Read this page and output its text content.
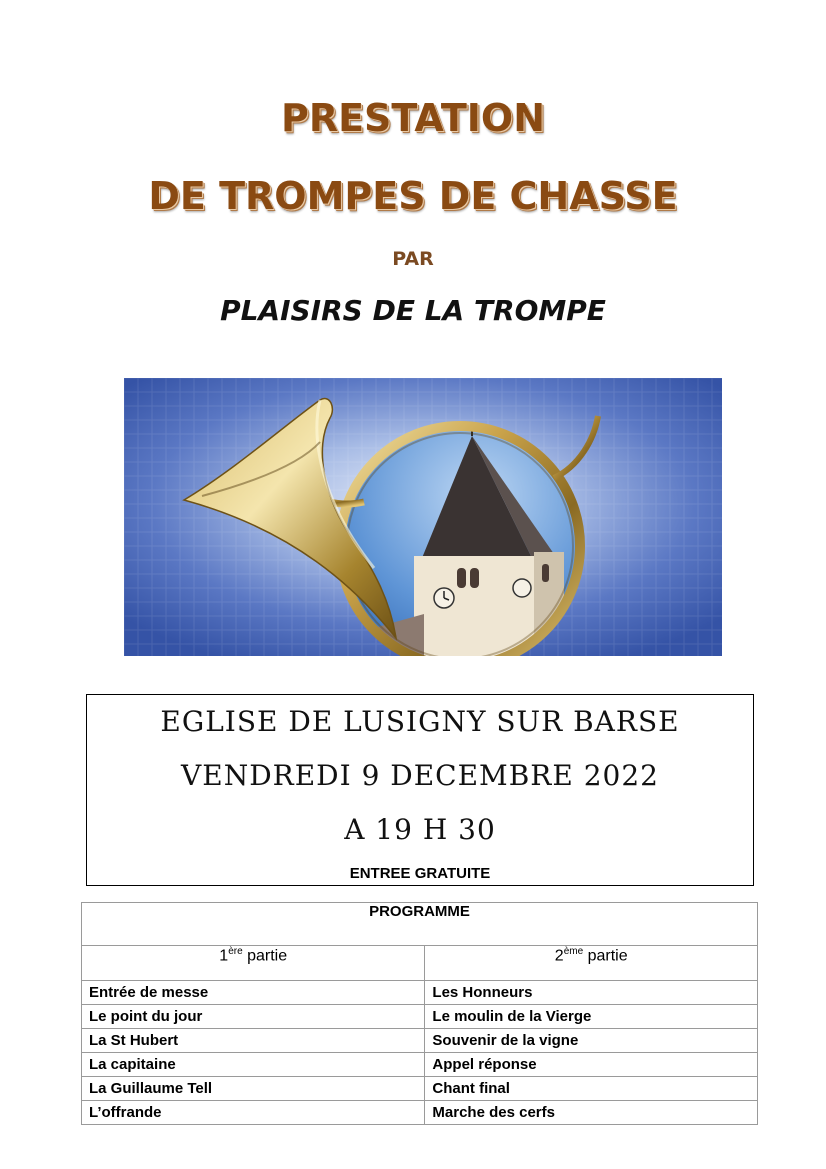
PRESTATION
DE TROMPES DE CHASSE
PAR
PLAISIRS DE LA TROMPE
EGLISE DE LUSIGNY SUR BARSE
VENDREDI 9 DECEMBRE 2022
A 19 H 30
ENTREE GRATUITE
PROGRAMME	
1ère partie	2ème partie
Entrée de messe	Les Honneurs
Le point du jour	Le moulin de la Vierge
La St Hubert	Souvenir de la vigne
La capitaine	Appel réponse
La Guillaume Tell	Chant final
L’offrande	Marche des cerfs
